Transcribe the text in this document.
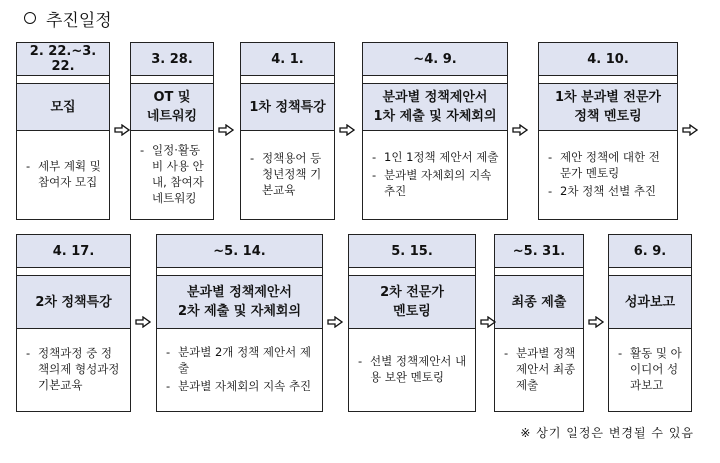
추진일정
2. 22.~3. 22.
모집
- 세부 계획 및 참여자 모집
3. 28.
OT 및
네트워킹
- 일정·활동비 사용 안내, 참여자 네트워킹
4. 1.
1차 정책특강
- 정책용어 등 청년정책 기본교육
~4. 9.
분과별 정책제안서
1차 제출 및 자체회의
- 1인 1정책 제안서 제출
- 분과별 자체회의 지속 추진
4. 10.
1차 분과별 전문가
정책 멘토링
- 제안 정책에 대한 전문가 멘토링
- 2차 정책 선별 추진
4. 17.
2차 정책특강
- 정책과정 중 정책의제 형성과정 기본교육
~5. 14.
분과별 정책제안서
2차 제출 및 자체회의
- 분과별 2개 정책 제안서 제출
- 분과별 자체회의 지속 추진
5. 15.
2차 전문가
멘토링
- 선별 정책제안서 내용 보완 멘토링
~5. 31.
최종 제출
- 분과별 정책제안서 최종 제출
6. 9.
성과보고
- 활동 및 아이디어 성과보고
※ 상기 일정은 변경될 수 있음
